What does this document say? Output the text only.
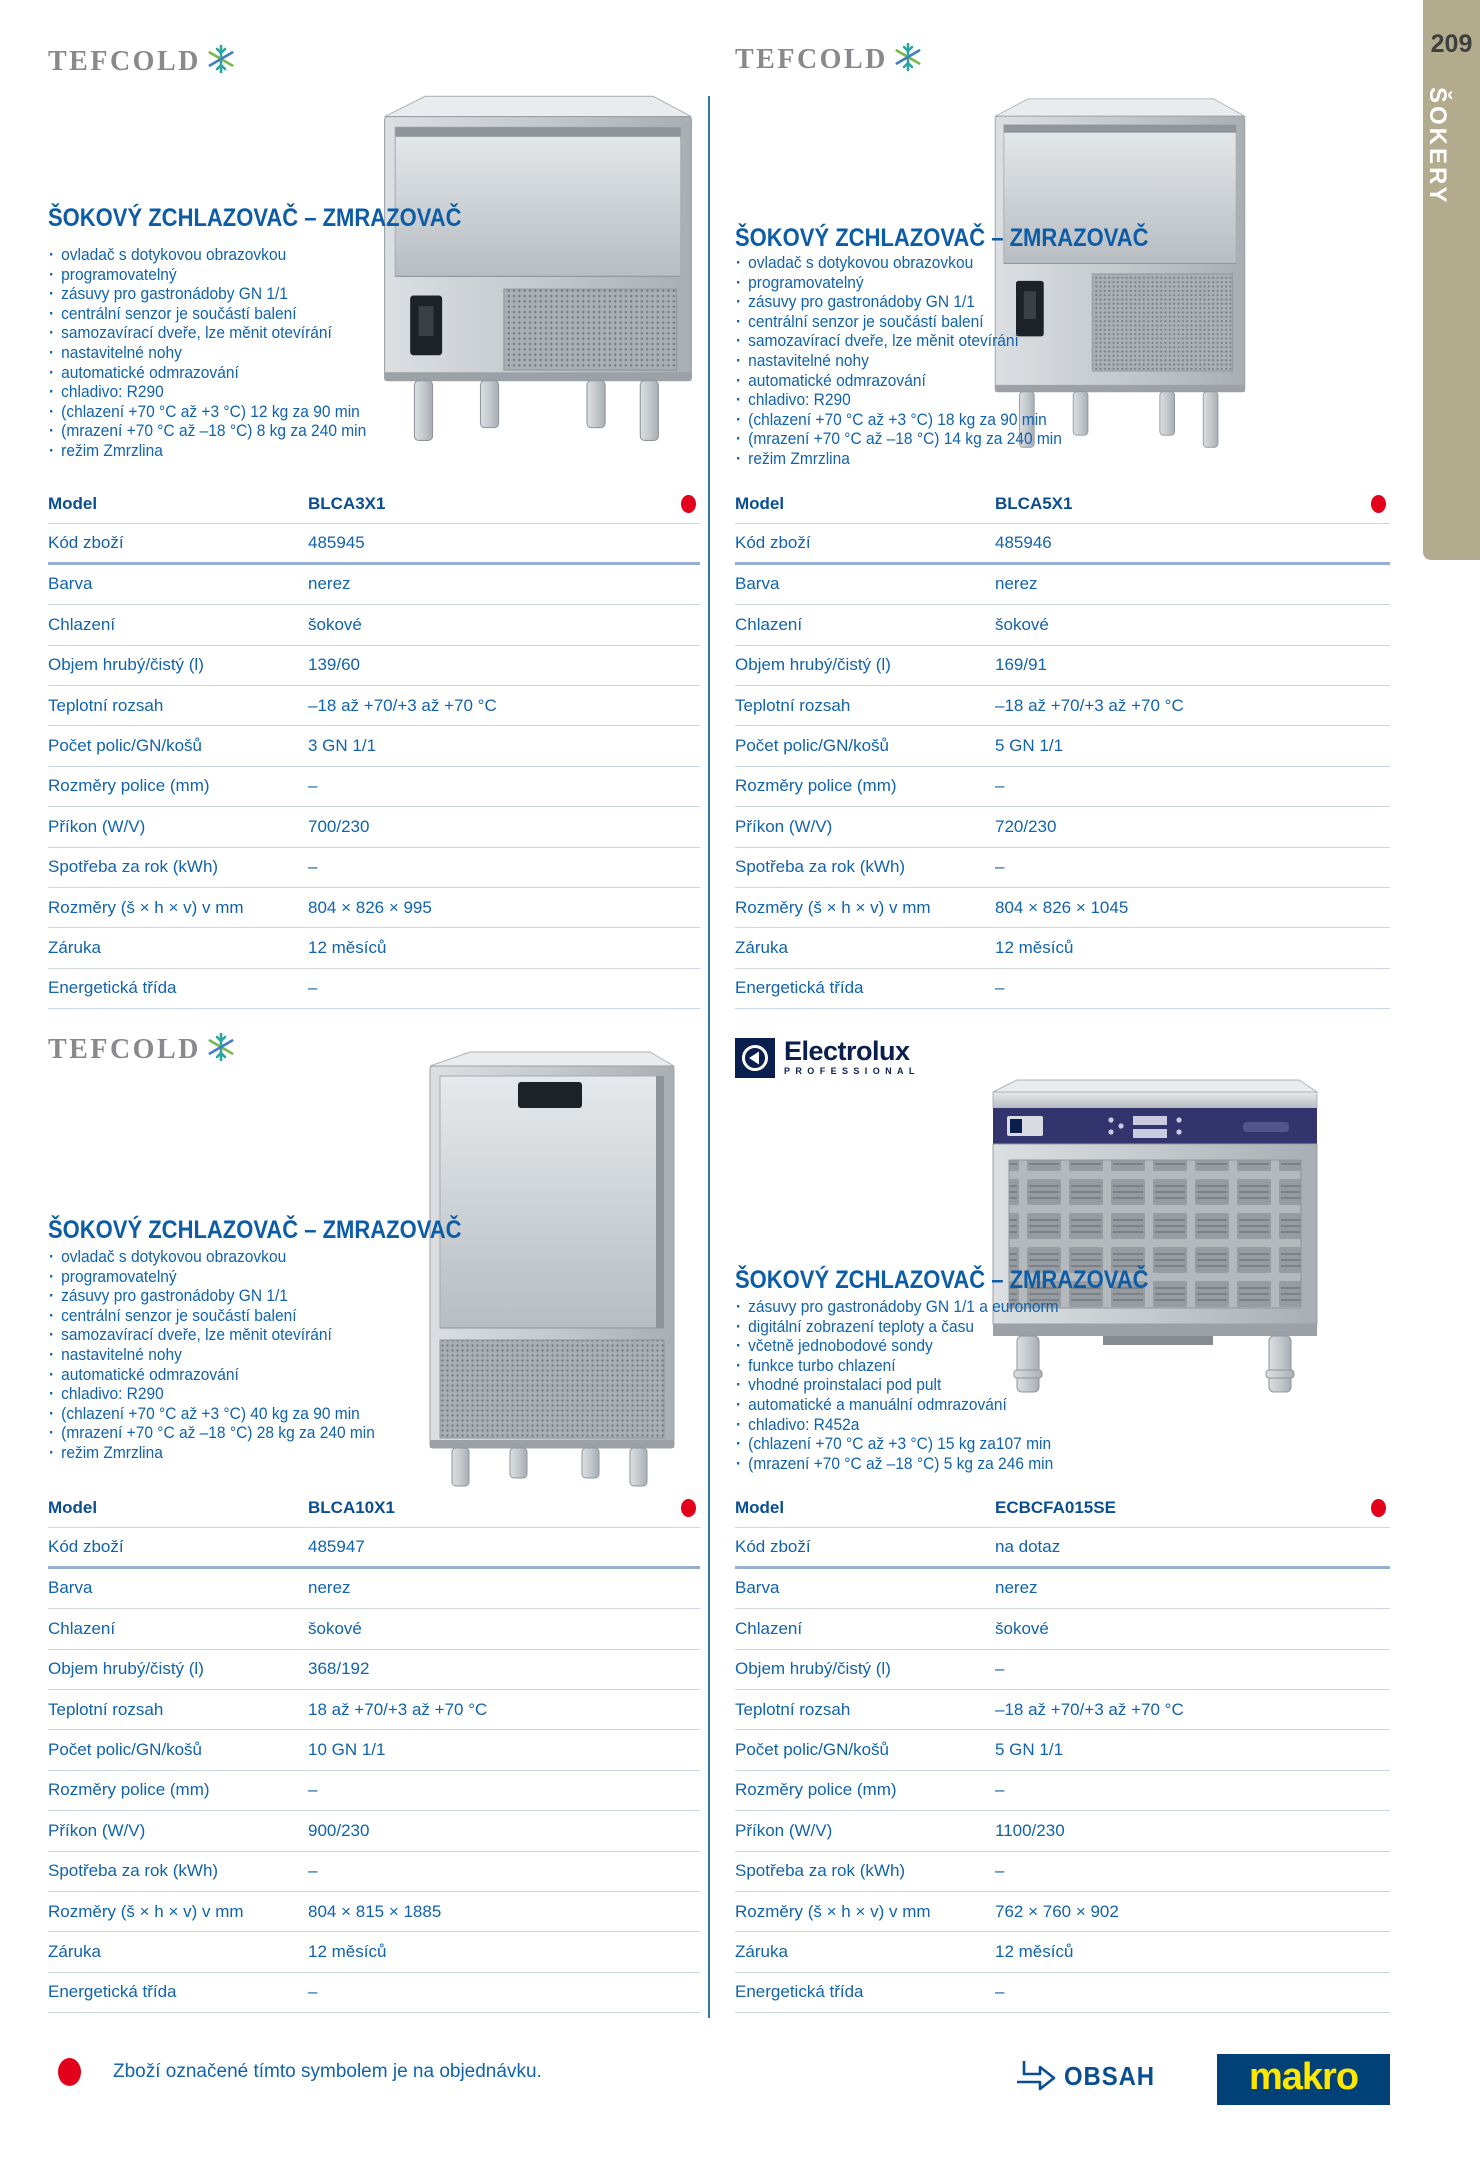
209
ŠOKERY
TEFCOLD
ŠOKOVÝ ZCHLAZOVAČ – ZMRAZOVAČ
· ovladač s dotykovou obrazovkou
· programovatelný
· zásuvy pro gastronádoby GN 1/1
· centrální senzor je součástí balení
· samozavírací dveře, lze měnit otevírání
· nastavitelné nohy
· automatické odmrazování
· chladivo: R290
· (chlazení +70 °C až +3 °C) 12 kg za 90 min
· (mrazení +70 °C až –18 °C) 8 kg za 240 min
· režim Zmrzlina
Model	BLCA3X1
Kód zboží	485945
Barva	nerez
Chlazení	šokové
Objem hrubý/čistý (l)	139/60
Teplotní rozsah	–18 až +70/+3 až +70 °C
Počet polic/GN/košů	3 GN 1/1
Rozměry police (mm)	–
Příkon (W/V)	700/230
Spotřeba za rok (kWh)	–
Rozměry (š × h × v) v mm	804 × 826 × 995
Záruka	12 měsíců
Energetická třída	–
TEFCOLD
ŠOKOVÝ ZCHLAZOVAČ – ZMRAZOVAČ
· ovladač s dotykovou obrazovkou
· programovatelný
· zásuvy pro gastronádoby GN 1/1
· centrální senzor je součástí balení
· samozavírací dveře, lze měnit otevírání
· nastavitelné nohy
· automatické odmrazování
· chladivo: R290
· (chlazení +70 °C až +3 °C) 18 kg za 90 min
· (mrazení +70 °C až –18 °C) 14 kg za 240 min
· režim Zmrzlina
Model	BLCA5X1
Kód zboží	485946
Barva	nerez
Chlazení	šokové
Objem hrubý/čistý (l)	169/91
Teplotní rozsah	–18 až +70/+3 až +70 °C
Počet polic/GN/košů	5 GN 1/1
Rozměry police (mm)	–
Příkon (W/V)	720/230
Spotřeba za rok (kWh)	–
Rozměry (š × h × v) v mm	804 × 826 × 1045
Záruka	12 měsíců
Energetická třída	–
TEFCOLD
ŠOKOVÝ ZCHLAZOVAČ – ZMRAZOVAČ
· ovladač s dotykovou obrazovkou
· programovatelný
· zásuvy pro gastronádoby GN 1/1
· centrální senzor je součástí balení
· samozavírací dveře, lze měnit otevírání
· nastavitelné nohy
· automatické odmrazování
· chladivo: R290
· (chlazení +70 °C až +3 °C) 40 kg za 90 min
· (mrazení +70 °C až –18 °C) 28 kg za 240 min
· režim Zmrzlina
Model	BLCA10X1
Kód zboží	485947
Barva	nerez
Chlazení	šokové
Objem hrubý/čistý (l)	368/192
Teplotní rozsah	18 až +70/+3 až +70 °C
Počet polic/GN/košů	10 GN 1/1
Rozměry police (mm)	–
Příkon (W/V)	900/230
Spotřeba za rok (kWh)	–
Rozměry (š × h × v) v mm	804 × 815 × 1885
Záruka	12 měsíců
Energetická třída	–
Electrolux
PROFESSIONAL
ŠOKOVÝ ZCHLAZOVAČ – ZMRAZOVAČ
· zásuvy pro gastronádoby GN 1/1 a euronorm
· digitální zobrazení teploty a času
· včetně jednobodové sondy
· funkce turbo chlazení
· vhodné proinstalaci pod pult
· automatické a manuální odmrazování
· chladivo: R452a
· (chlazení +70 °C až +3 °C) 15 kg za107 min
· (mrazení +70 °C až –18 °C) 5 kg za 246 min
Model	ECBCFA015SE
Kód zboží	na dotaz
Barva	nerez
Chlazení	šokové
Objem hrubý/čistý (l)	–
Teplotní rozsah	–18 až +70/+3 až +70 °C
Počet polic/GN/košů	5 GN 1/1
Rozměry police (mm)	–
Příkon (W/V)	1100/230
Spotřeba za rok (kWh)	–
Rozměry (š × h × v) v mm	762 × 760 × 902
Záruka	12 měsíců
Energetická třída	–
Zboží označené tímto symbolem je na objednávku.	OBSAH makro
